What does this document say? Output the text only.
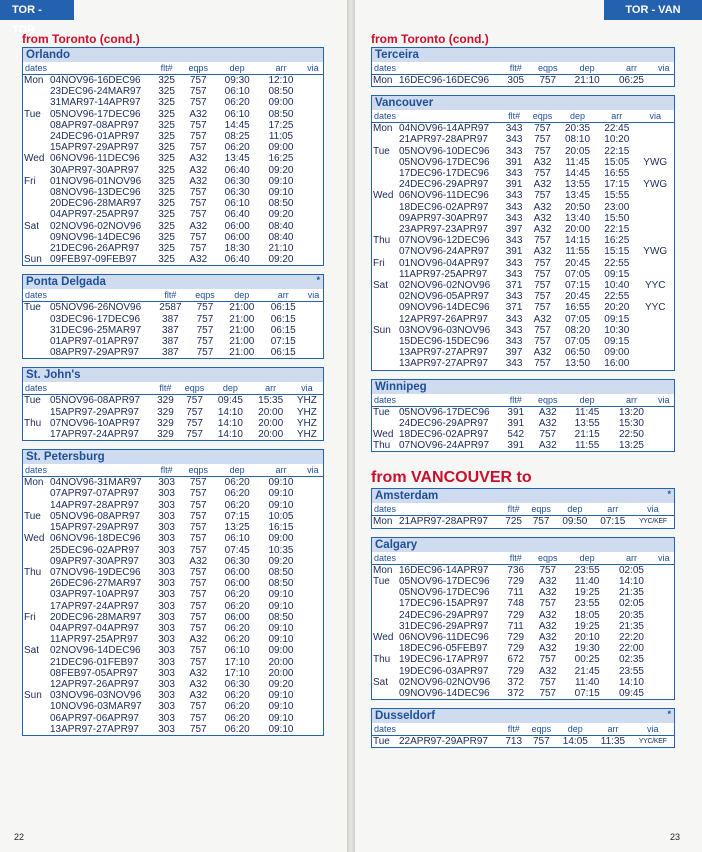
TOR - TOR
from Toronto (cond.)
Orlando
dates		flt#	eqps	dep	arr	via
Mon	04NOV96-16DEC96	325	757	09:30	12:10	
	23DEC96-24MAR97	325	757	06:10	08:50	
	31MAR97-14APR97	325	757	06:20	09:00	
Tue	05NOV96-17DEC96	325	A32	06:10	08:50	
	08APR97-08APR97	325	757	14:45	17:25	
	24DEC96-01APR97	325	757	08:25	11:05	
	15APR97-29APR97	325	757	06:20	09:00	
Wed	06NOV96-11DEC96	325	A32	13:45	16:25	
	30APR97-30APR97	325	A32	06:40	09:20	
Fri	01NOV96-01NOV96	325	A32	06:30	09:10	
	08NOV96-13DEC96	325	757	06:30	09:10	
	20DEC96-28MAR97	325	757	06:10	08:50	
	04APR97-25APR97	325	757	06:40	09:20	
Sat	02NOV96-02NOV96	325	A32	06:00	08:40	
	09NOV96-14DEC96	325	757	06:00	08:40	
	21DEC96-26APR97	325	757	18:30	21:10	
Sun	09FEB97-09FEB97	325	A32	06:40	09:20	
Ponta Delgada	*
dates		flt#	eqps	dep	arr	via
Tue	05NOV96-26NOV96	2587	757	21:00	06:15	
	03DEC96-17DEC96	387	757	21:00	06:15	
	31DEC96-25MAR97	387	757	21:00	06:15	
	01APR97-01APR97	387	757	21:00	07:15	
	08APR97-29APR97	387	757	21:00	06:15	
St. John's
dates		flt#	eqps	dep	arr	via
Tue	05NOV96-08APR97	329	757	09:45	15:35	YHZ
	15APR97-29APR97	329	757	14:10	20:00	YHZ
Thu	07NOV96-10APR97	329	757	14:10	20:00	YHZ
	17APR97-24APR97	329	757	14:10	20:00	YHZ
St. Petersburg
dates		flt#	eqps	dep	arr	via
Mon	04NOV96-31MAR97	303	757	06:20	09:10	
	07APR97-07APR97	303	757	06:20	09:10	
	14APR97-28APR97	303	757	06:20	09:10	
Tue	05NOV96-08APR97	303	757	07:15	10:05	
	15APR97-29APR97	303	757	13:25	16:15	
Wed	06NOV96-18DEC96	303	757	06:10	09:00	
	25DEC96-02APR97	303	757	07:45	10:35	
	09APR97-30APR97	303	A32	06:30	09:20	
Thu	07NOV96-19DEC96	303	757	06:00	08:50	
	26DEC96-27MAR97	303	757	06:00	08:50	
	03APR97-10APR97	303	757	06:20	09:10	
	17APR97-24APR97	303	757	06:20	09:10	
Fri	20DEC96-28MAR97	303	757	06:00	08:50	
	04APR97-04APR97	303	757	06:20	09:10	
	11APR97-25APR97	303	A32	06:20	09:10	
Sat	02NOV96-14DEC96	303	757	06:10	09:00	
	21DEC96-01FEB97	303	757	17:10	20:00	
	08FEB97-05APR97	303	A32	17:10	20:00	
	12APR97-26APR97	303	A32	06:30	09:20	
Sun	03NOV96-03NOV96	303	A32	06:20	09:10	
	10NOV96-03MAR97	303	757	06:20	09:10	
	06APR97-06APR97	303	757	06:20	09:10	
	13APR97-27APR97	303	757	06:20	09:10	
22
TOR - VAN
from Toronto (cond.)
Terceira
dates		flt#	eqps	dep	arr	via
Mon	16DEC96-16DEC96	305	757	21:10	06:25	
Vancouver
dates		flt#	eqps	dep	arr	via
Mon	04NOV96-14APR97	343	757	20:35	22:45	
	21APR97-28APR97	343	757	08:10	10:20	
Tue	05NOV96-10DEC96	343	757	20:05	22:15	
	05NOV96-17DEC96	391	A32	11:45	15:05	YWG
	17DEC96-17DEC96	343	757	14:45	16:55	
	24DEC96-29APR97	391	A32	13:55	17:15	YWG
Wed	06NOV96-11DEC96	343	757	13:45	15:55	
	18DEC96-02APR97	343	A32	20:50	23:00	
	09APR97-30APR97	343	A32	13:40	15:50	
	23APR97-23APR97	397	A32	20:00	22:15	
Thu	07NOV96-12DEC96	343	757	14:15	16:25	
	07NOV96-24APR97	391	A32	11:55	15:15	YWG
Fri	01NOV96-04APR97	343	757	20:45	22:55	
	11APR97-25APR97	343	757	07:05	09:15	
Sat	02NOV96-02NOV96	371	757	07:15	10:40	YYC
	02NOV96-05APR97	343	757	20:45	22:55	
	09NOV96-14DEC96	371	757	16:55	20:20	YYC
	12APR97-26APR97	343	A32	07:05	09:15	
Sun	03NOV96-03NOV96	343	757	08:20	10:30	
	15DEC96-15DEC96	343	757	07:05	09:15	
	13APR97-27APR97	397	A32	06:50	09:00	
	13APR97-27APR97	343	757	13:50	16:00	
Winnipeg
dates		flt#	eqps	dep	arr	via
Tue	05NOV96-17DEC96	391	A32	11:45	13:20	
	24DEC96-29APR97	391	A32	13:55	15:30	
Wed	18DEC96-02APR97	542	757	21:15	22:50	
Thu	07NOV96-24APR97	391	A32	11:55	13:25	
from VANCOUVER to
Amsterdam	*
dates		flt#	eqps	dep	arr	via
Mon	21APR97-28APR97	725	757	09:50	07:15	YYC/KEF
Calgary
dates		flt#	eqps	dep	arr	via
Mon	16DEC96-14APR97	736	757	23:55	02:05	
Tue	05NOV96-17DEC96	729	A32	11:40	14:10	
	05NOV96-17DEC96	711	A32	19:25	21:35	
	17DEC96-15APR97	748	757	23:55	02:05	
	24DEC96-29APR97	729	A32	18:05	20:35	
	31DEC96-29APR97	711	A32	19:25	21:35	
Wed	06NOV96-11DEC96	729	A32	20:10	22:20	
	18DEC96-05FEB97	729	A32	19:30	22:00	
Thu	19DEC96-17APR97	672	757	00:25	02:35	
	19DEC96-03APR97	729	A32	21:45	23:55	
Sat	02NOV96-02NOV96	372	757	11:40	14:10	
	09NOV96-14DEC96	372	757	07:15	09:45	
Dusseldorf	*
dates		flt#	eqps	dep	arr	via
Tue	22APR97-29APR97	713	757	14:05	11:35	YYC/KEF
23
